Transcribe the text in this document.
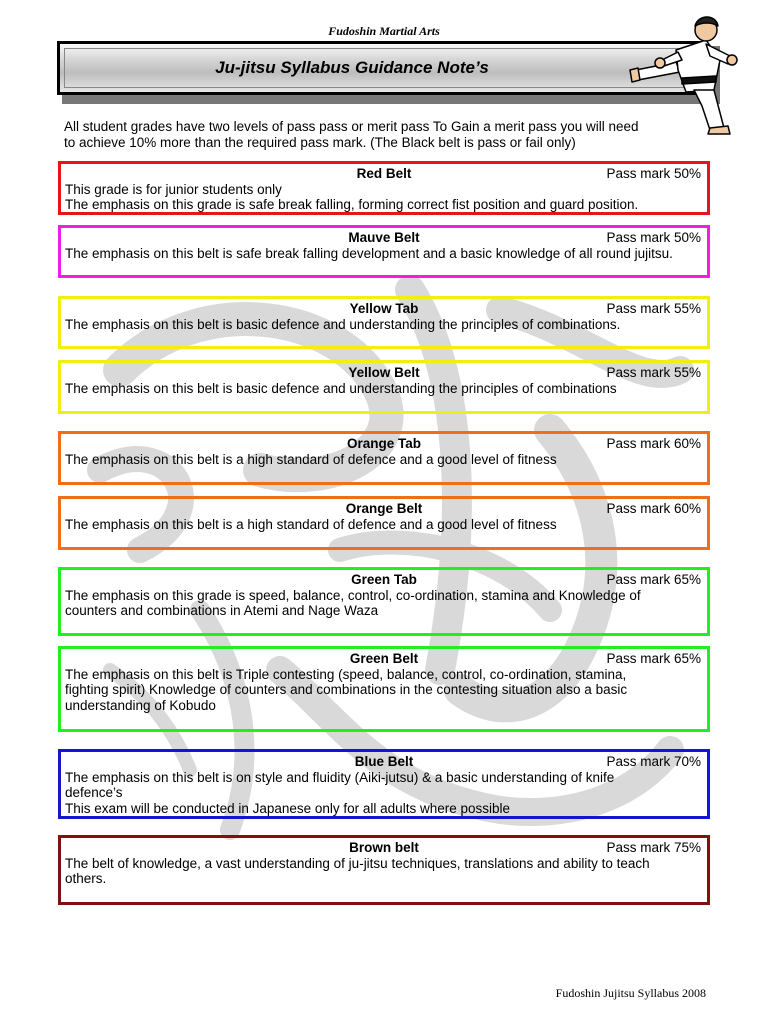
Fudoshin Martial Arts
Ju-jitsu Syllabus Guidance Note’s
All student grades have two levels of pass pass or merit pass To Gain a merit pass you will need
to achieve 10% more than the required pass mark. (The Black belt is pass or fail only)
Red Belt	Pass mark 50%
This grade is for junior students only
The emphasis on this grade is safe break falling, forming correct fist position and guard position.
Mauve Belt	Pass mark 50%
The emphasis on this belt is safe break falling development and a basic knowledge of all round jujitsu.
Yellow Tab	Pass mark 55%
The emphasis on this belt is basic defence and understanding the principles of combinations.
Yellow Belt	Pass mark 55%
The emphasis on this belt is basic defence and understanding the principles of combinations
Orange Tab	Pass mark 60%
The emphasis on this belt is a high standard of defence and a good level of fitness
Orange Belt	Pass mark 60%
The emphasis on this belt is a high standard of defence and a good level of fitness
Green Tab	Pass mark 65%
The emphasis on this grade is speed, balance, control, co-ordination, stamina and Knowledge of
counters and combinations in Atemi and Nage Waza
Green Belt	Pass mark 65%
The emphasis on this belt is Triple contesting (speed, balance, control, co-ordination, stamina,
fighting spirit) Knowledge of counters and combinations in the contesting situation also a basic
understanding of Kobudo
Blue Belt	Pass mark 70%
The emphasis on this belt is on style and fluidity (Aiki-jutsu) & a basic understanding of knife
defence’s
This exam will be conducted in Japanese only for all adults where possible
Brown belt	Pass mark 75%
The belt of knowledge, a vast understanding of ju-jitsu techniques, translations and ability to teach
others.
Fudoshin Jujitsu Syllabus 2008
